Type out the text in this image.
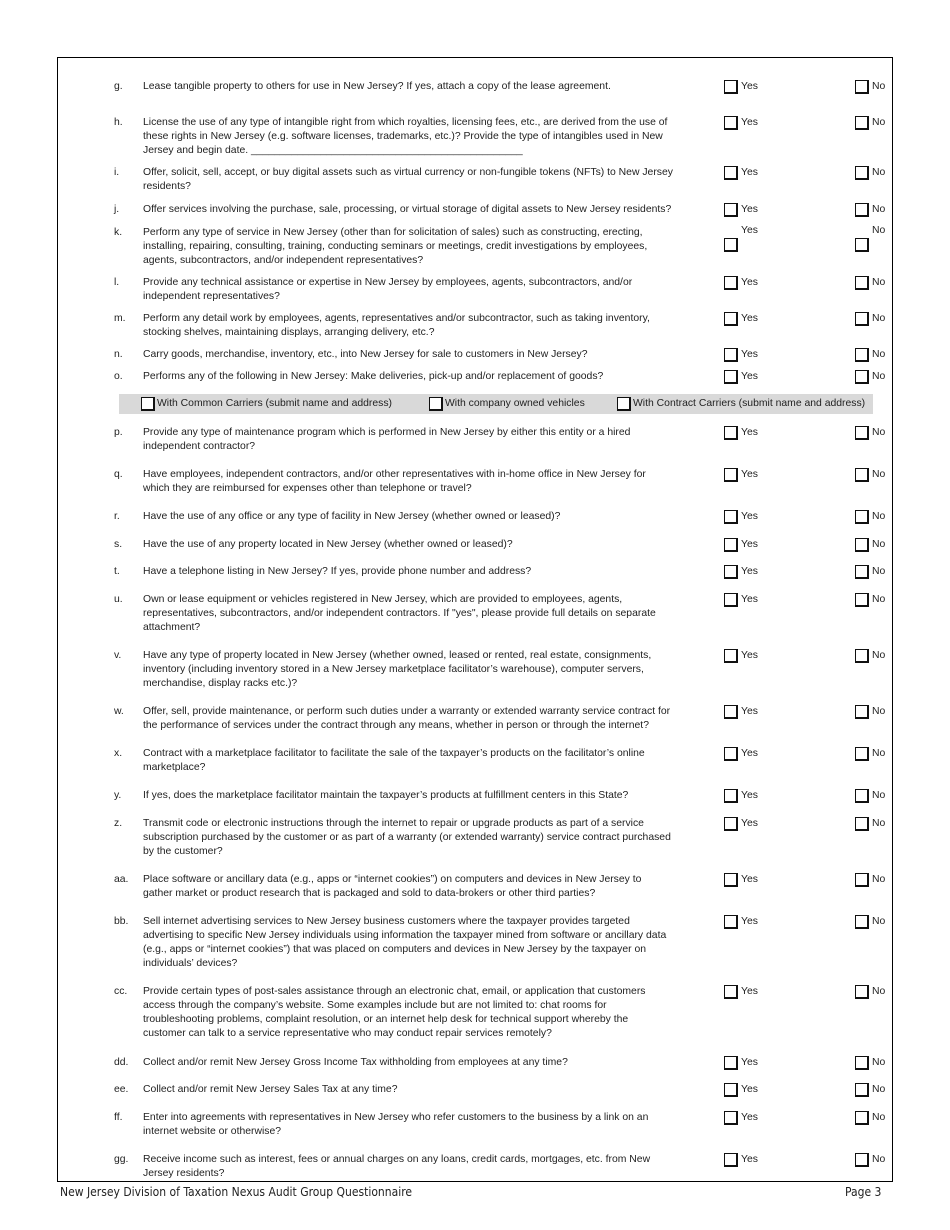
g. Lease tangible property to others for use in New Jersey? If yes, attach a copy of the lease agreement.	Yes	No
h. License the use of any type of intangible right from which royalties, licensing fees, etc., are derived from the use of these rights in New Jersey (e.g. software licenses, trademarks, etc.)? Provide the type of intangibles used in New Jersey and begin date. _______________________________________________
Yes	No
i. Offer, solicit, sell, accept, or buy digital assets such as virtual currency or non-fungible tokens (NFTs) to New Jersey residents?
Yes	No
j. Offer services involving the purchase, sale, processing, or virtual storage of digital assets to New Jersey residents?	Yes	No
k. Perform any type of service in New Jersey (other than for solicitation of sales) such as constructing, erecting, installing, repairing, consulting, training, conducting seminars or meetings, credit investigations by employees, agents, subcontractors, and/or independent representatives?
Yes	No
l. Provide any technical assistance or expertise in New Jersey by employees, agents, subcontractors, and/or independent representatives?
Yes	No
m. Perform any detail work by employees, agents, representatives and/or subcontractor, such as taking inventory, stocking shelves, maintaining displays, arranging delivery, etc.?
Yes	No
n. Carry goods, merchandise, inventory, etc., into New Jersey for sale to customers in New Jersey?	Yes	No
o. Performs any of the following in New Jersey: Make deliveries, pick-up and/or replacement of goods?	Yes	No
p. Provide any type of maintenance program which is performed in New Jersey by either this entity or a hired independent contractor?
Yes	No
q. Have employees, independent contractors, and/or other representatives with in-home office in New Jersey for which they are reimbursed for expenses other than telephone or travel?
Yes	No
r. Have the use of any office or any type of facility in New Jersey (whether owned or leased)?	Yes	No
s. Have the use of any property located in New Jersey (whether owned or leased)?	Yes	No
t. Have a telephone listing in New Jersey? If yes, provide phone number and address?	Yes	No
u. Own or lease equipment or vehicles registered in New Jersey, which are provided to employees, agents, representatives, subcontractors, and/or independent contractors. If "yes", please provide full details on separate attachment?
Yes	No
v. Have any type of property located in New Jersey (whether owned, leased or rented, real estate, consignments, inventory (including inventory stored in a New Jersey marketplace facilitator’s warehouse), computer servers, merchandise, display racks etc.)?
Yes	No
w. Offer, sell, provide maintenance, or perform such duties under a warranty or extended warranty service contract for the performance of services under the contract through any means, whether in person or through the internet?
Yes	No
x. Contract with a marketplace facilitator to facilitate the sale of the taxpayer’s products on the facilitator’s online marketplace?
Yes	No
y. If yes, does the marketplace facilitator maintain the taxpayer’s products at fulfillment centers in this State?	Yes	No
z. Transmit code or electronic instructions through the internet to repair or upgrade products as part of a service subscription purchased by the customer or as part of a warranty (or extended warranty) service contract purchased by the customer?
Yes	No
aa. Place software or ancillary data (e.g., apps or “internet cookies”) on computers and devices in New Jersey to gather market or product research that is packaged and sold to data-brokers or other third parties?
Yes	No
bb. Sell internet advertising services to New Jersey business customers where the taxpayer provides targeted advertising to specific New Jersey individuals using information the taxpayer mined from software or ancillary data (e.g., apps or “internet cookies”) that was placed on computers and devices in New Jersey by the taxpayer on individuals’ devices?
Yes	No
cc. Provide certain types of post-sales assistance through an electronic chat, email, or application that customers access through the company’s website. Some examples include but are not limited to: chat rooms for troubleshooting problems, complaint resolution, or an internet help desk for technical support whereby the customer can talk to a service representative who may conduct repair services remotely?
Yes	No
dd. Collect and/or remit New Jersey Gross Income Tax withholding from employees at any time?	Yes	No
ee. Collect and/or remit New Jersey Sales Tax at any time?	Yes	No
ff. Enter into agreements with representatives in New Jersey who refer customers to the business by a link on an internet website or otherwise?
Yes	No
gg. Receive income such as interest, fees or annual charges on any loans, credit cards, mortgages, etc. from New Jersey residents?
Yes	No
With Common Carriers (submit name and address)	With company owned vehicles	With Contract Carriers (submit name and address)
New Jersey Division of Taxation Nexus Audit Group Questionnaire	Page 3
